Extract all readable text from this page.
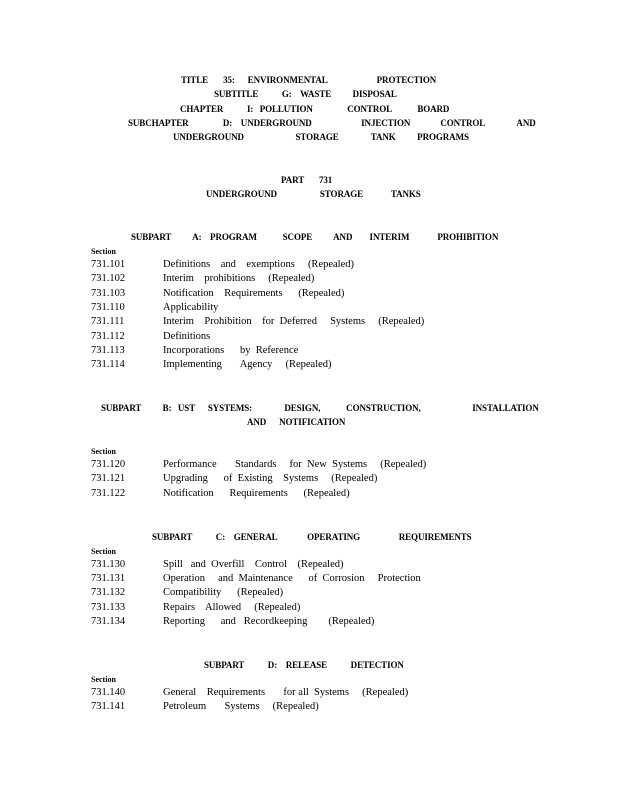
TITLE       35:      ENVIRONMENTAL                       PROTECTION
SUBTITLE           G:    WASTE          DISPOSAL
CHAPTER           I:   POLLUTION                CONTROL            BOARD
SUBCHAPTER                D:    UNDERGROUND                       INJECTION              CONTROL               AND
UNDERGROUND                        STORAGE               TANK          PROGRAMS
PART       731
UNDERGROUND                    STORAGE             TANKS
SUBPART          A:    PROGRAM            SCOPE          AND        INTERIM             PROHIBITION
Section
731.101	Definitions    and    exemptions     (Repealed)
731.102	Interim    prohibitions     (Repealed)
731.103	Notification    Requirements      (Repealed)
731.110	Applicability
731.111	Interim    Prohibition    for  Deferred     Systems     (Repealed)
731.112	Definitions
731.113	Incorporations      by  Reference
731.114	Implementing       Agency     (Repealed)
SUBPART          B:   UST      SYSTEMS:               DESIGN,            CONSTRUCTION,                        INSTALLATION
AND      NOTIFICATION
Section
731.120	Performance       Standards     for  New  Systems     (Repealed)
731.121	Upgrading      of  Existing    Systems     (Repealed)
731.122	Notification      Requirements      (Repealed)
SUBPART           C:    GENERAL              OPERATING                  REQUIREMENTS
Section
731.130	Spill   and  Overfill    Control    (Repealed)
731.131	Operation     and  Maintenance      of  Corrosion     Protection
731.132	Compatibility      (Repealed)
731.133	Repairs    Allowed     (Repealed)
731.134	Reporting      and   Recordkeeping        (Repealed)
SUBPART           D:    RELEASE           DETECTION
Section
731.140	General    Requirements       for all  Systems     (Repealed)
731.141	Petroleum       Systems     (Repealed)
